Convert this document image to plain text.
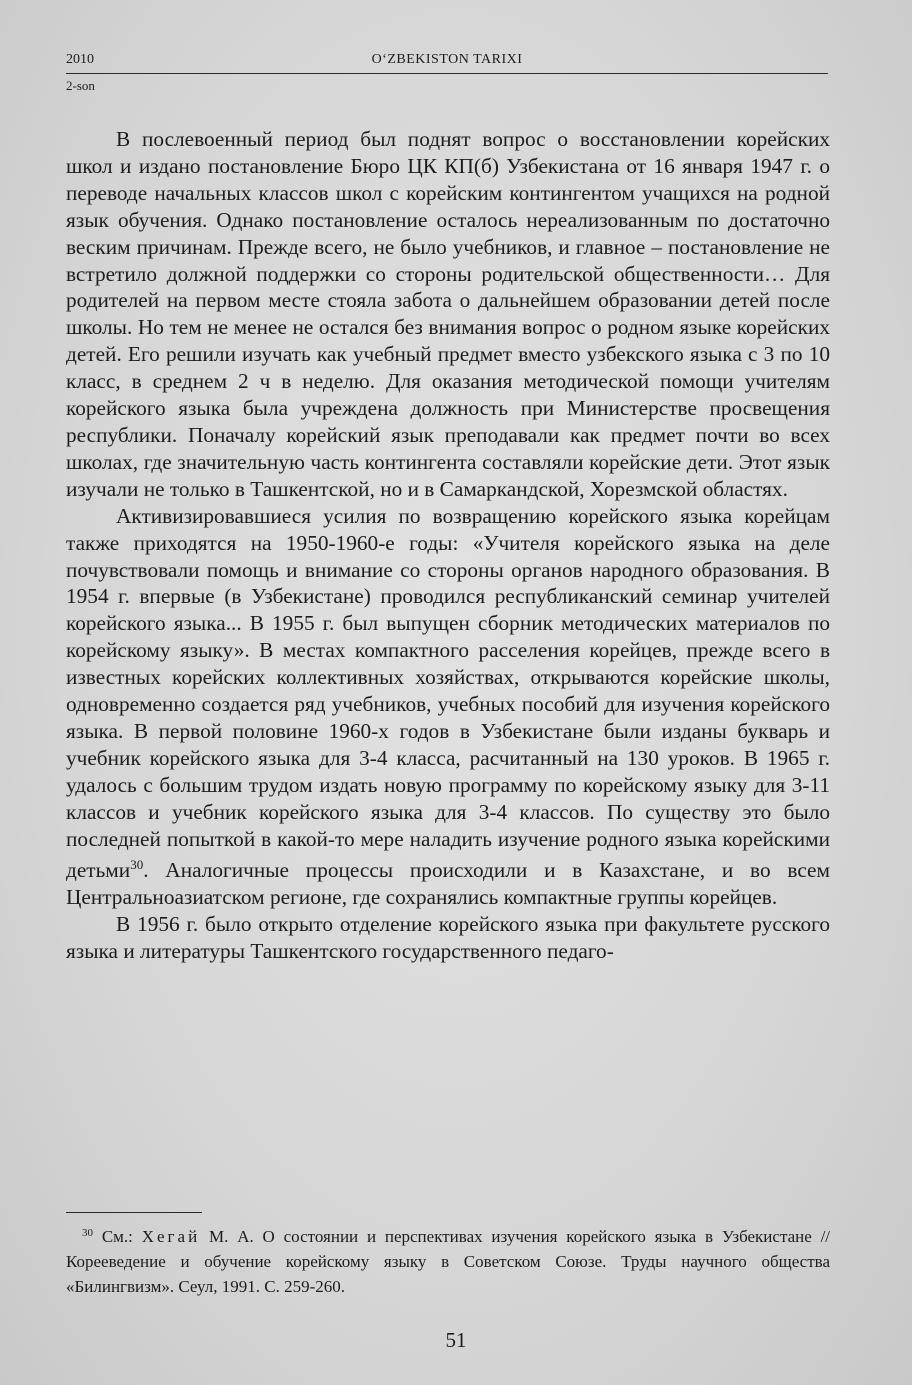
2010	O‘ZBEKISTON TARIXI
2-son

В послевоенный период был поднят вопрос о восстановлении корейских школ и издано постановление Бюро ЦК КП(б) Узбекистана от 16 января 1947 г. о переводе начальных классов школ с корейским контингентом учащихся на родной язык обучения. Однако постановление осталось нереализованным по достаточно веским причинам. Прежде всего, не было учебников, и главное – постановление не встретило должной поддержки со стороны родительской общественности… Для родителей на первом месте стояла забота о дальнейшем образовании детей после школы. Но тем не менее не остался без внимания вопрос о родном языке корейских детей. Его решили изучать как учебный предмет вместо узбекского языка с 3 по 10 класс, в среднем 2 ч в неделю. Для оказания методической помощи учителям корейского языка была учреждена должность при Министерстве просвещения республики. Поначалу корейский язык преподавали как предмет почти во всех школах, где значительную часть контингента составляли корейские дети. Этот язык изучали не только в Ташкентской, но и в Самаркандской, Хорезмской областях.

Активизировавшиеся усилия по возвращению корейского языка корейцам также приходятся на 1950-1960-е годы: «Учителя корейского языка на деле почувствовали помощь и внимание со стороны органов народного образования. В 1954 г. впервые (в Узбекистане) проводился республиканский семинар учителей корейского языка... В 1955 г. был выпущен сборник методических материалов по корейскому языку». В местах компактного расселения корейцев, прежде всего в известных корейских коллективных хозяйствах, открываются корейские школы, одновременно создается ряд учебников, учебных пособий для изучения корейского языка. В первой половине 1960-х годов в Узбекистане были изданы букварь и учебник корейского языка для 3-4 класса, расчитанный на 130 уроков. В 1965 г. удалось с большим трудом издать новую программу по корейскому языку для 3-11 классов и учебник корейского языка для 3-4 классов. По существу это было последней попыткой в какой-то мере наладить изучение родного языка корейскими детьми$^{30}$. Аналогичные процессы происходили и в Казахстане, и во всем Центральноазиатском регионе, где сохранялись компактные группы корейцев.

В 1956 г. было открыто отделение корейского языка при факультете русского языка и литературы Ташкентского государственного педаго-

$^{30}$ См.: Хегай М. А. О состоянии и перспективах изучения корейского языка в Узбекистане // Корееведение и обучение корейскому языку в Советском Союзе. Труды научного общества «Билингвизм». Сеул, 1991. С. 259-260.

51
